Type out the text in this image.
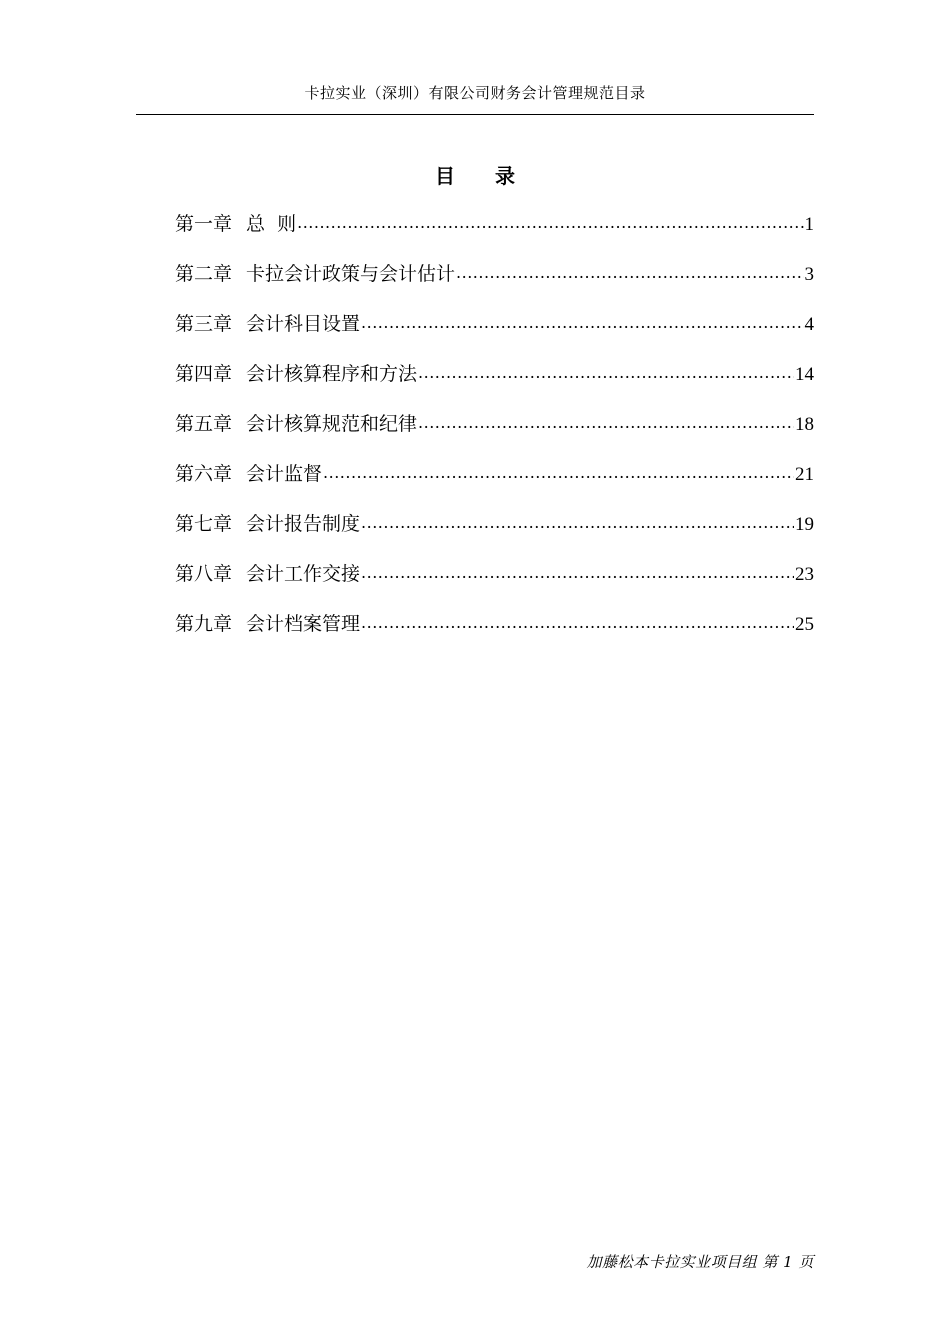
卡拉实业（深圳）有限公司财务会计管理规范目录
目 录
第一章 总  则 .....	1
第二章 卡拉会计政策与会计估计 .....	3
第三章 会计科目设置 .....	4
第四章 会计核算程序和方法 .....	14
第五章 会计核算规范和纪律 .....	18
第六章 会计监督 .....	21
第七章 会计报告制度 .....	19
第八章 会计工作交接 .....	23
第九章 会计档案管理 .....	25
加藤松本卡拉实业项目组 第 1 页
